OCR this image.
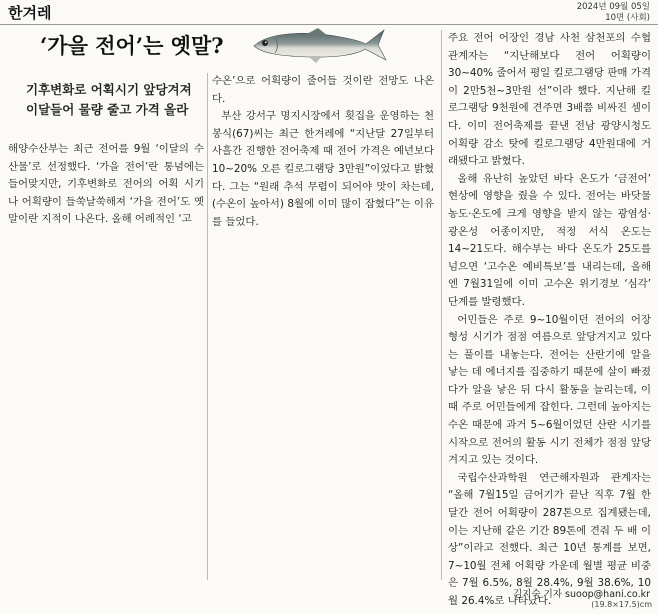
한겨레	2024년 09월 05일
10면 (사회)
‘가을 전어’는 옛말?
기후변화로 어획시기 앞당겨져 이달들어 물량 줄고 가격 올라

해양수산부는 최근 전어를 9월 ‘이달의 수산물’로 선정했다. ‘가을 전어’란 통념에는 들어맞지만, 기후변화로 전어의 어획 시기나 어획량이 들쑥날쑥해져 ‘가을 전어’도 옛말이란 지적이 나온다. 올해 어례적인 ‘고

수온’으로 어획량이 줄어들 것이란 전망도 나온다.

부산 강서구 명지시장에서 횟집을 운영하는 천봉식(67)씨는 최근 한겨레에 “지난달 27일부터 사흘간 진행한 전어축제 때 전어 가격은 예년보다 10~20% 오른 킬로그램당 3만원”이었다고 밝혔다. 그는 “원래 추석 무렵이 되어야 맛이 차는데, (수온이 높아서) 8월에 이미 많이 잡혔다”는 이유를 들었다.

주요 전어 어장인 경남 사천 삼천포의 수협 관계자는 “지난해보다 전어 어획량이 30~40% 줄어서 평일 킬로그램당 판매 가격이 2만5천~3만원 선”이라 했다. 지난해 킬로그램당 9천원에 견주면 3배쯤 비싸진 셈이다. 이미 전어축제를 끝낸 전남 광양시청도 어획량 감소 탓에 킬로그램당 4만원대에 거래됐다고 밝혔다.

올해 유난히 높았던 바다 온도가 ‘금전어’ 현상에 영향을 줬을 수 있다. 전어는 바닷물 농도·온도에 크게 영향을 받지 않는 광염성·광온성 어종이지만, 적정 서식 온도는 14~21도다. 해수부는 바다 온도가 25도를 넘으면 ‘고수온 예비특보’를 내리는데, 올해엔 7월31일에 이미 고수온 위기경보 ‘심각’ 단계를 발령했다.

어민들은 주로 9~10월이던 전어의 어장 형성 시기가 점점 여름으로 앞당겨지고 있다는 풀이를 내놓는다. 전어는 산란기에 알을 낳는 데 에너지를 집중하기 때문에 살이 빠졌다가 알을 낳은 뒤 다시 활동을 늘리는데, 이때 주로 어민들에게 잡힌다. 그런데 높아지는 수온 때문에 과거 5~6월이었던 산란 시기를 시작으로 전어의 활동 시기 전체가 점점 앞당겨지고 있는 것이다.

국립수산과학원 연근해자원과 관계자는 “올해 7월15일 금어기가 끝난 직후 7월 한 달간 전어 어획량이 287톤으로 집계됐는데, 이는 지난해 같은 기간 89톤에 견줘 두 배 이상”이라고 전했다. 최근 10년 통계를 보면, 7~10월 전체 어획량 가운데 월별 평균 비중은 7월 6.5%, 8월 28.4%, 9월 38.6%, 10월 26.4%로 나타났다.

김지숙 기자 suoop@hani.co.kr
(19.8×17.5)cm
